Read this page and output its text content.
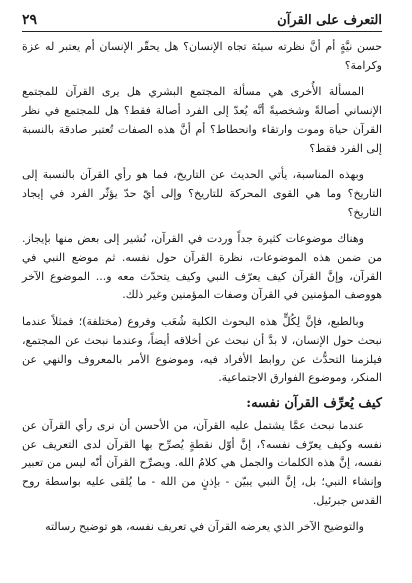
التعرف على القرآن
٢٩

حسن نيَّةٍ أم أنَّ نظرته سيئة تجاه الإنسان؟ هل يحقّر الإنسان أم يعتبر له عزة وكرامة؟

المسألة الأُخرى هي مسألة المجتمع البشري هل يرى القرآن للمجتمع الإنساني أصالةً وشخصيةً أنَّه يُعدّ إلى الفرد أصالة فقط؟ هل للمجتمع في نظر القرآن حياة وموت وارتقاء وانحطاط؟ أم أنَّ هذه الصفات تُعتبر صادقة بالنسبة إلى الفرد فقط؟

وبهذه المناسبة، يأتي الحديث عن التاريخ، فما هو رأي القرآن بالنسبة إلى التاريخ؟ وما هي القوى المحركة للتاريخ؟ وإلى أيّ حدّ يؤثّر الفرد في إيجاد التاريخ؟

وهناك موضوعات كثيرة جداً وردت في القرآن، نُشير إلى بعض منها بإيجاز. من ضمن هذه الموضوعات، نظرة القرآن حول نفسه. ثم موضع النبي في القرآن، وإنَّ القرآن كيف يعرّف النبي وكيف يتحدّث معه و... الموضوع الآخر هووصف المؤمنين في القرآن وصفات المؤمنين وغير ذلك.

وبالطبع، فإنَّ لِكُلٍّ هذه البحوث الكلية شُعَب وفروع (مختلفة)؛ فمثلاً عندما نبحث حول الإنسان، لا بدَّ أن نبحث عن أخلاقه أيضاً، وعندما نبحث عن المجتمع، فيلزمنا التحدُّث عن روابط الأفراد فيه، وموضوع الأمر بالمعروف والنهي عن المنكر، وموضوع الفوارق الاجتماعية.

كيف يُعرِّف القرآن نفسه:

عندما نبحث عمَّا يشتمل عليه القرآن، من الأحسن أن نرى رأي القرآن عن نفسه وكيف يعرّف نفسه؟، إنَّ أوّل نقطةٍ يُصرِّح بها القرآن لدى التعريف عن نفسه، إنَّ هذه الكلمات والجمل هي كلامُ الله. ويصرِّح القرآن أنّه ليس من تعبير وإنشاء النبي؛ بل، إنَّ النبي يبيّن - بإذنٍ من الله - ما يُلقى عليه بواسطة روح القدس جبرئيل.

والتوضيح الآخر الذي يعرضه القرآن في تعريف نفسه، هو توضيح رسالته
